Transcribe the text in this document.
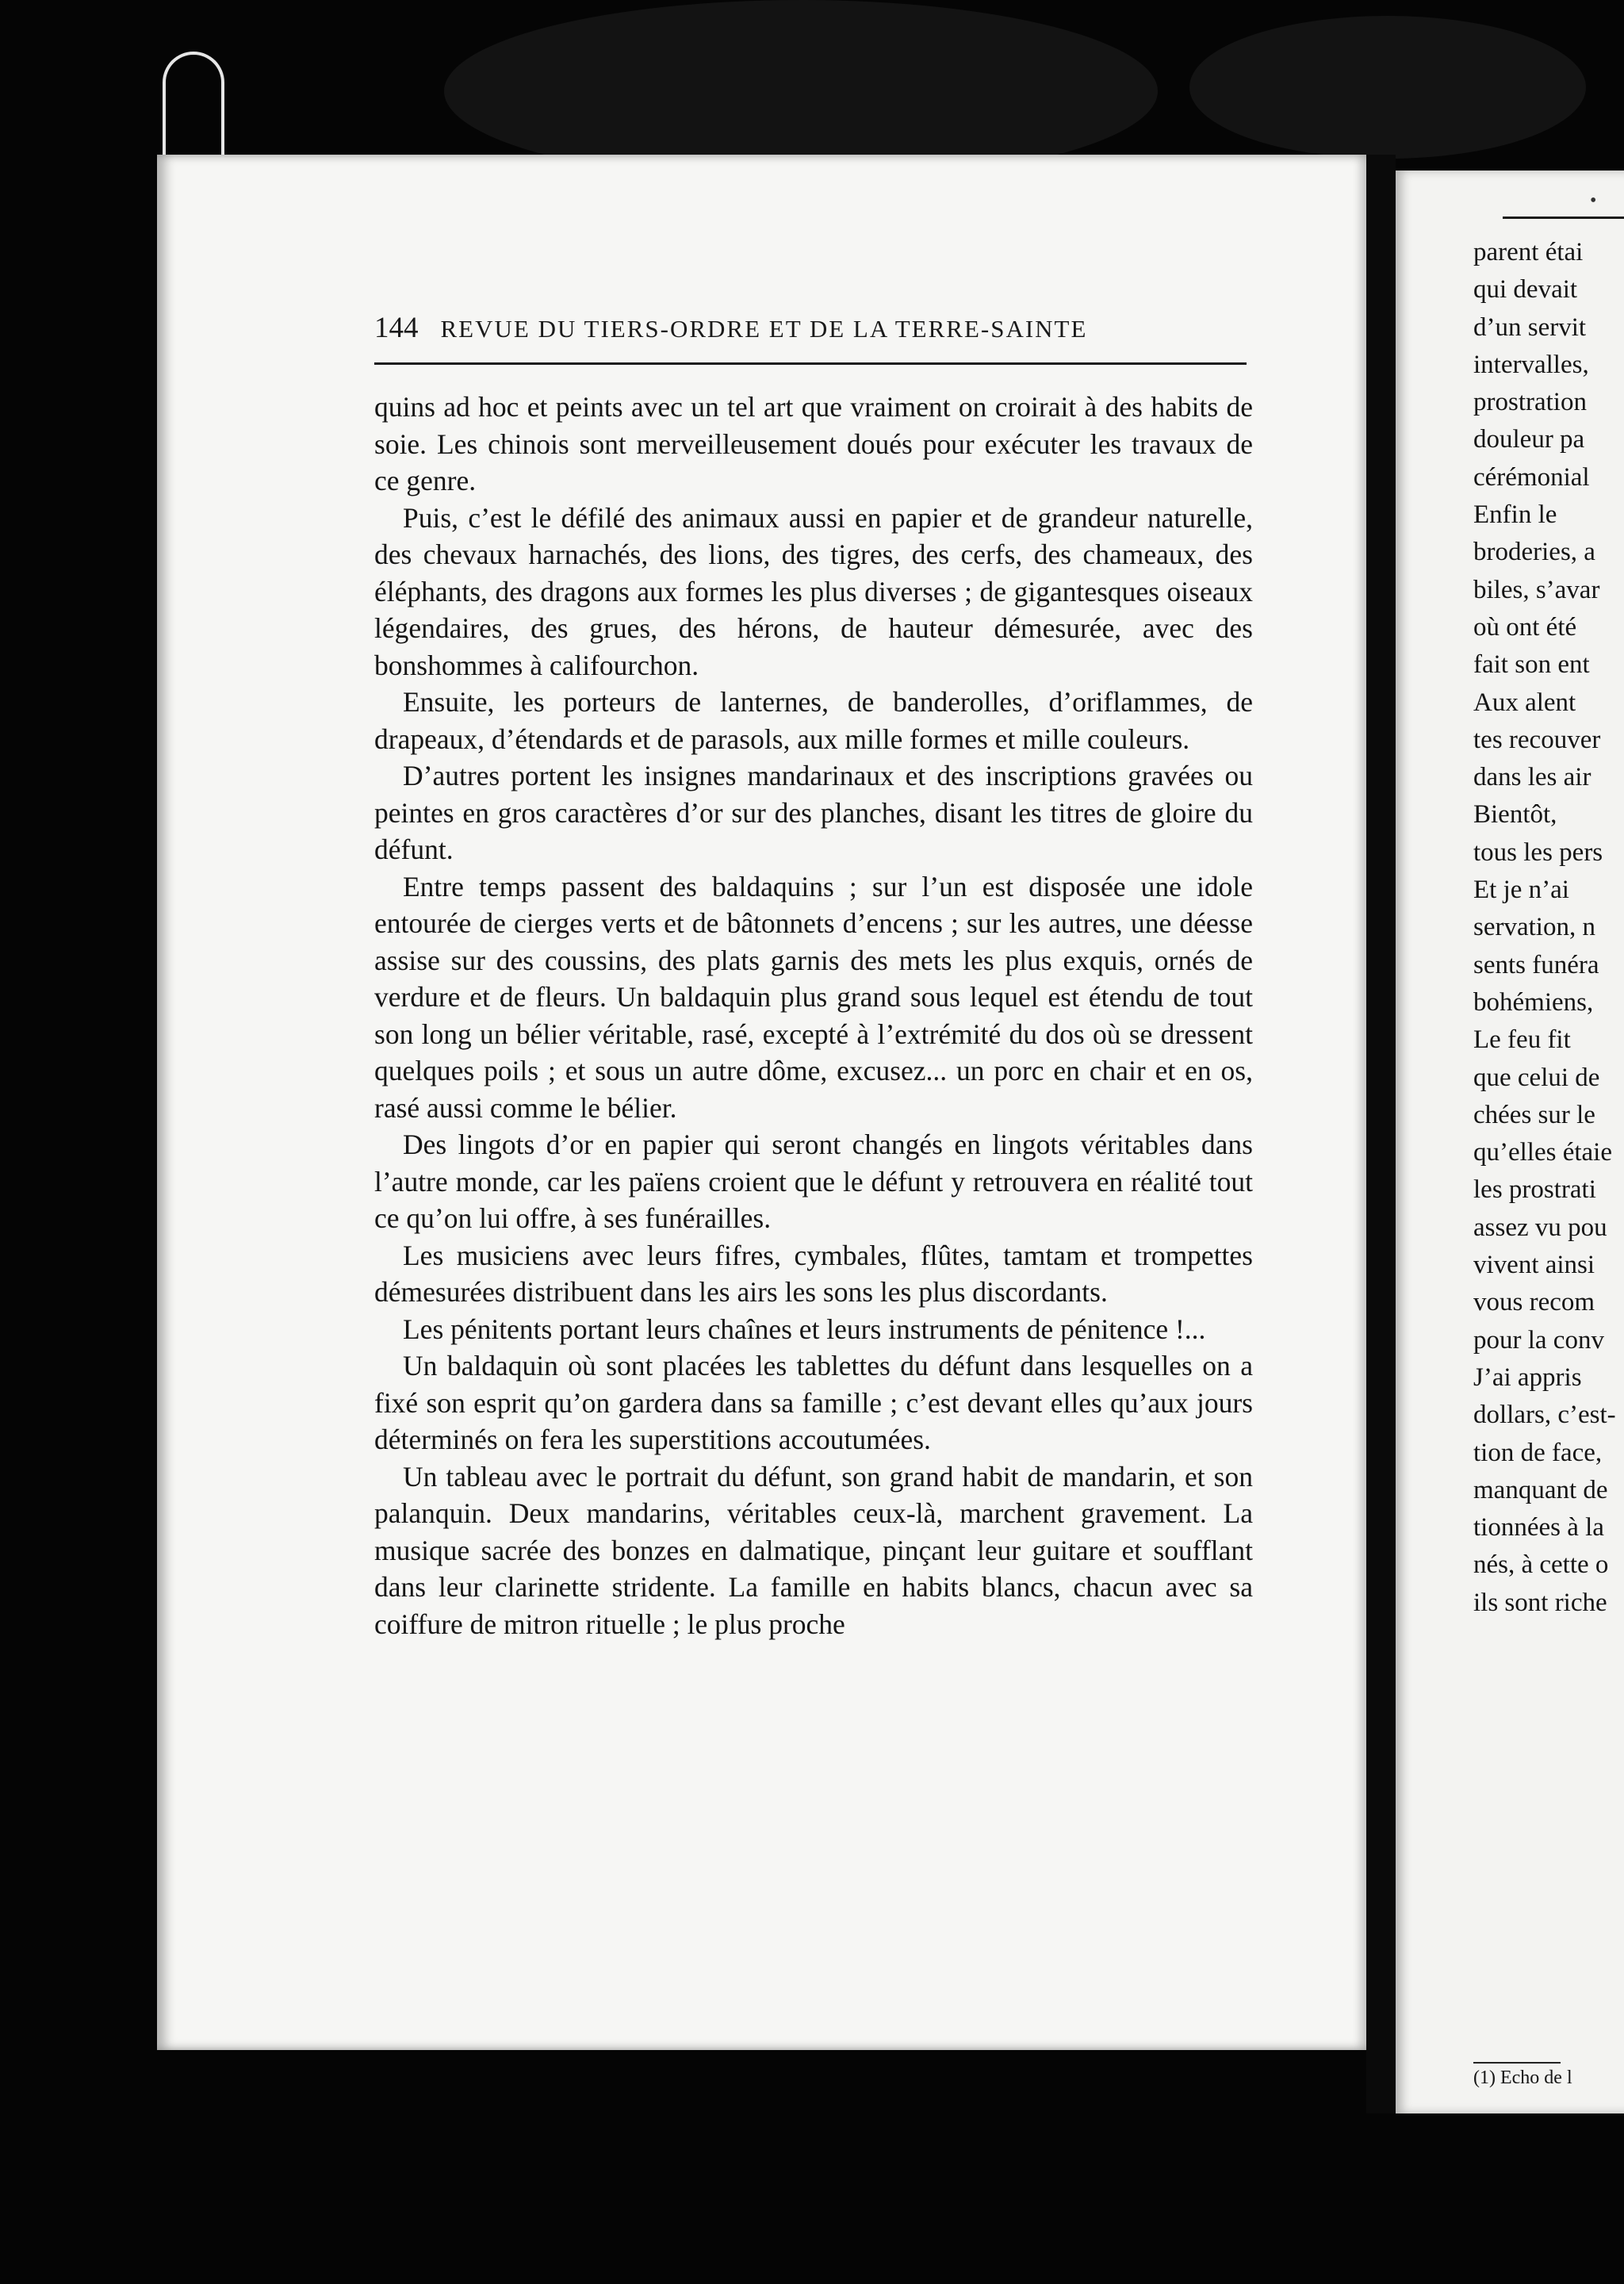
144 REVUE DU TIERS-ORDRE ET DE LA TERRE-SAINTE

quins ad hoc et peints avec un tel art que vraiment on croirait à des habits de soie. Les chinois sont merveilleusement doués pour exécuter les travaux de ce genre.

Puis, c’est le défilé des animaux aussi en papier et de grandeur naturelle, des chevaux harnachés, des lions, des tigres, des cerfs, des chameaux, des éléphants, des dragons aux formes les plus diverses ; de gigantesques oiseaux légendaires, des grues, des hérons, de hauteur démesurée, avec des bonshommes à califourchon.

Ensuite, les porteurs de lanternes, de banderolles, d’oriflammes, de drapeaux, d’étendards et de parasols, aux mille formes et mille couleurs.

D’autres portent les insignes mandarinaux et des inscriptions gravées ou peintes en gros caractères d’or sur des planches, disant les titres de gloire du défunt.

Entre temps passent des baldaquins ; sur l’un est disposée une idole entourée de cierges verts et de bâtonnets d’encens ; sur les autres, une déesse assise sur des coussins, des plats garnis des mets les plus exquis, ornés de verdure et de fleurs. Un baldaquin plus grand sous lequel est étendu de tout son long un bélier véritable, rasé, excepté à l’extrémité du dos où se dressent quelques poils ; et sous un autre dôme, excusez... un porc en chair et en os, rasé aussi comme le bélier.

Des lingots d’or en papier qui seront changés en lingots véritables dans l’autre monde, car les païens croient que le défunt y retrouvera en réalité tout ce qu’on lui offre, à ses funérailles.

Les musiciens avec leurs fifres, cymbales, flûtes, tamtam et trompettes démesurées distribuent dans les airs les sons les plus discordants.

Les pénitents portant leurs chaînes et leurs instruments de pénitence !...

Un baldaquin où sont placées les tablettes du défunt dans lesquelles on a fixé son esprit qu’on gardera dans sa famille ; c’est devant elles qu’aux jours déterminés on fera les superstitions accoutumées.

Un tableau avec le portrait du défunt, son grand habit de mandarin, et son palanquin. Deux mandarins, véritables ceux-là, marchent gravement. La musique sacrée des bonzes en dalmatique, pinçant leur guitare et soufflant dans leur clarinette stridente. La famille en habits blancs, chacun avec sa coiffure de mitron rituelle ; le plus proche

•
parent étai
qui devait
d’un servit
intervalles,
prostration
douleur pa
cérémonial
Enfin le
broderies, a
biles, s’avar
où ont été
fait son ent
Aux alent
tes recouver
dans les air
Bientôt,
tous les pers
Et je n’ai
servation, n
sents funéra
bohémiens,
Le feu fit
que celui de
chées sur le
qu’elles étaie
les prostrati
assez vu pou
vivent ainsi
vous recom
pour la conv
J’ai appris
dollars, c’est-
tion de face,
manquant de
tionnées à la
nés, à cette o
ils sont riche
(1) Echo de l
